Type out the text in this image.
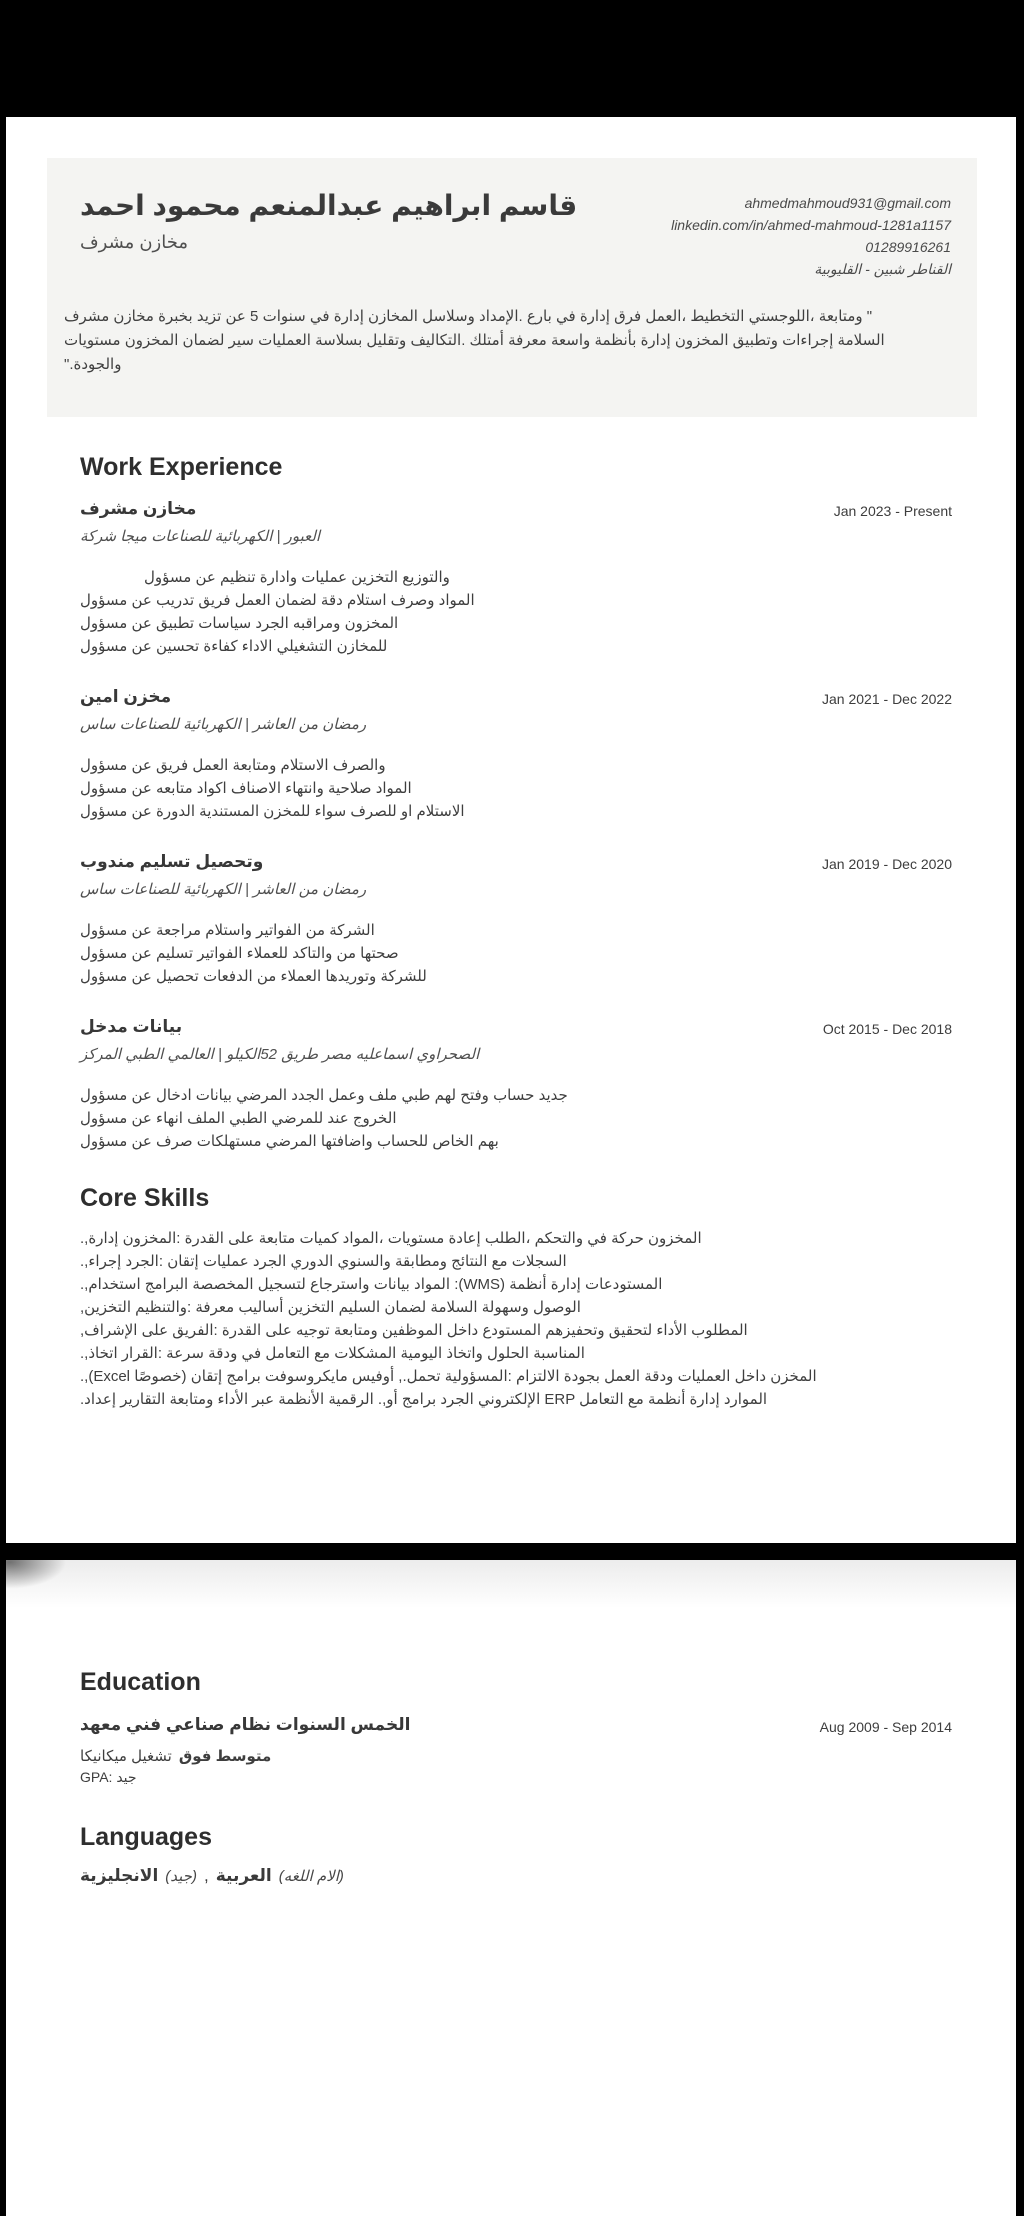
احمد ‎محمود ‎عبدالمنعم ‎ابراهيم ‎قاسم
مشرف ‎مخازن
ahmedmahmoud931@gmail.com
linkedin.com/in/ahmed-mahmoud-1281a1157
01289916261
القليوبية ‎- ‎شبين ‎القناطر
مشرف ‎مخازن ‎بخبرة ‎تزيد ‎عن ‎5 ‎سنوات ‎في ‎إدارة ‎المخازن ‎وسلاسل ‎الإمداد. ‎بارع ‎في ‎إدارة ‎فرق ‎العمل، ‎التخطيط ‎اللوجستي، ‎ومتابعة ‎"
مستويات ‎المخزون ‎لضمان ‎سير ‎العمليات ‎بسلاسة ‎وتقليل ‎التكاليف. ‎أمتلك ‎معرفة ‎واسعة ‎بأنظمة ‎إدارة ‎المخزون ‎وتطبيق ‎إجراءات ‎السلامة
".والجودة
Work ‎Experience
مشرف ‎مخازن	Jan ‎2023 ‎- ‎Present
شركة ‎ميجا ‎للصناعات ‎الكهربائية ‎| ‎العبور
مسؤول ‎عن ‎تنظيم ‎وادارة ‎عمليات ‎التخزين ‎والتوزيع
مسؤول ‎عن ‎تدريب ‎فريق ‎العمل ‎لضمان ‎دقة ‎استلام ‎وصرف ‎المواد
مسؤول ‎عن ‎تطبيق ‎سياسات ‎الجرد ‎ومراقبه ‎المخزون
مسؤول ‎عن ‎تحسين ‎كفاءة ‎الاداء ‎التشغيلي ‎للمخازن
امين ‎مخزن	Jan ‎2021 ‎- ‎Dec ‎2022
ساس ‎للصناعات ‎الكهربائية ‎| ‎العاشر ‎من ‎رمضان
مسؤول ‎عن ‎فريق ‎العمل ‎ومتابعة ‎الاستلام ‎والصرف
مسؤول ‎عن ‎متابعه ‎اكواد ‎الاصناف ‎وانتهاء ‎صلاحية ‎المواد
مسؤول ‎عن ‎الدورة ‎المستندية ‎للمخزن ‎سواء ‎للصرف ‎او ‎الاستلام
مندوب ‎تسليم ‎وتحصيل	Jan ‎2019 ‎- ‎Dec ‎2020
ساس ‎للصناعات ‎الكهربائية ‎| ‎العاشر ‎من ‎رمضان
مسؤول ‎عن ‎مراجعة ‎واستلام ‎الفواتير ‎من ‎الشركة
مسؤول ‎عن ‎تسليم ‎الفواتير ‎للعملاء ‎والتاكد ‎من ‎صحتها
مسؤول ‎عن ‎تحصيل ‎الدفعات ‎من ‎العملاء ‎وتوريدها ‎للشركة
مدخل ‎بيانات	Oct ‎2015 ‎- ‎Dec ‎2018
المركز ‎الطبي ‎العالمي ‎| ‎الكيلو‎52 ‎طريق ‎مصر ‎اسماعليه ‎الصحراوي
مسؤول ‎عن ‎ادخال ‎بيانات ‎المرضي ‎الجدد ‎وعمل ‎ملف ‎طبي ‎لهم ‎وفتح ‎حساب ‎جديد
مسؤول ‎عن ‎انهاء ‎الملف ‎الطبي ‎للمرضي ‎عند ‎الخروج
مسؤول ‎عن ‎صرف ‎مستهلكات ‎المرضي ‎واضافتها ‎للحساب ‎الخاص ‎بهم
Core ‎Skills
.,إدارة ‎المخزون: ‎القدرة ‎على ‎متابعة ‎كميات ‎المواد، ‎مستويات ‎إعادة ‎الطلب، ‎والتحكم ‎في ‎حركة ‎المخزون
.,إجراء ‎الجرد: ‎إتقان ‎عمليات ‎الجرد ‎الدوري ‎والسنوي ‎ومطابقة ‎النتائج ‎مع ‎السجلات
.,استخدام ‎البرامج ‎المخصصة ‎لتسجيل ‎واسترجاع ‎بيانات ‎المواد ‎:(WMS) ‎أنظمة ‎إدارة ‎المستودعات
,التخزين ‎والتنظيم: ‎معرفة ‎أساليب ‎التخزين ‎السليم ‎لضمان ‎السلامة ‎وسهولة ‎الوصول
,الإشراف ‎على ‎الفريق: ‎القدرة ‎على ‎توجيه ‎ومتابعة ‎الموظفين ‎داخل ‎المستودع ‎وتحفيزهم ‎لتحقيق ‎الأداء ‎المطلوب
.,اتخاذ ‎القرار: ‎سرعة ‎ودقة ‎في ‎التعامل ‎مع ‎المشكلات ‎اليومية ‎واتخاذ ‎الحلول ‎المناسبة
.,(Excel ‎خصوصًا) ‎إتقان ‎برامج ‎مايكروسوفت ‎أوفيس ‎,.تحمل ‎المسؤولية: ‎الالتزام ‎بجودة ‎العمل ‎ودقة ‎العمليات ‎داخل ‎المخزن
.إعداد ‎التقارير ‎ومتابعة ‎الأداء ‎عبر ‎الأنظمة ‎الرقمية ‎.,أو ‎برامج ‎الجرد ‎الإلكتروني ‎ERP ‎التعامل ‎مع ‎أنظمة ‎إدارة ‎الموارد
Education
معهد ‎فني ‎صناعي ‎نظام ‎السنوات ‎الخمس	Aug ‎2009 ‎- ‎Sep ‎2014
ميكانيكا ‎تشغيل فوق ‎متوسط
GPA: ‎جيد
Languages
الانجليزية (جيد) , العربية (اللغه ‎الام)
